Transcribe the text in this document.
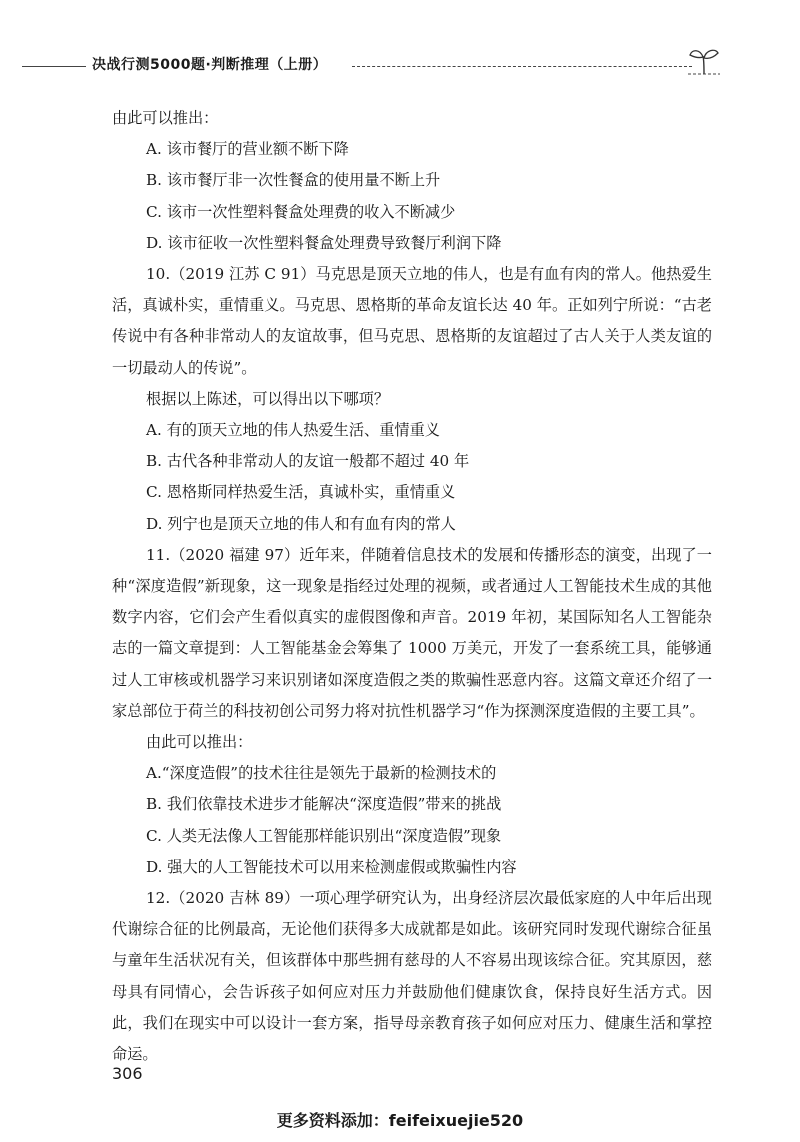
决战行测5000题·判断推理（上册）

由此可以推出：

A. 该市餐厅的营业额不断下降

B. 该市餐厅非一次性餐盒的使用量不断上升

C. 该市一次性塑料餐盒处理费的收入不断减少

D. 该市征收一次性塑料餐盒处理费导致餐厅利润下降

10.（2019 江苏 C 91）马克思是顶天立地的伟人，也是有血有肉的常人。他热爱生活，真诚朴实，重情重义。马克思、恩格斯的革命友谊长达 40 年。正如列宁所说：“古老传说中有各种非常动人的友谊故事，但马克思、恩格斯的友谊超过了古人关于人类友谊的一切最动人的传说”。

根据以上陈述，可以得出以下哪项？

A. 有的顶天立地的伟人热爱生活、重情重义

B. 古代各种非常动人的友谊一般都不超过 40 年

C. 恩格斯同样热爱生活，真诚朴实，重情重义

D. 列宁也是顶天立地的伟人和有血有肉的常人

11.（2020 福建 97）近年来，伴随着信息技术的发展和传播形态的演变，出现了一种“深度造假”新现象，这一现象是指经过处理的视频，或者通过人工智能技术生成的其他数字内容，它们会产生看似真实的虚假图像和声音。2019 年初，某国际知名人工智能杂志的一篇文章提到：人工智能基金会筹集了 1000 万美元，开发了一套系统工具，能够通过人工审核或机器学习来识别诸如深度造假之类的欺骗性恶意内容。这篇文章还介绍了一家总部位于荷兰的科技初创公司努力将对抗性机器学习“作为探测深度造假的主要工具”。

由此可以推出：

A.“深度造假”的技术往往是领先于最新的检测技术的

B. 我们依靠技术进步才能解决“深度造假”带来的挑战

C. 人类无法像人工智能那样能识别出“深度造假”现象

D. 强大的人工智能技术可以用来检测虚假或欺骗性内容

12.（2020 吉林 89）一项心理学研究认为，出身经济层次最低家庭的人中年后出现代谢综合征的比例最高，无论他们获得多大成就都是如此。该研究同时发现代谢综合征虽与童年生活状况有关，但该群体中那些拥有慈母的人不容易出现该综合征。究其原因，慈母具有同情心，会告诉孩子如何应对压力并鼓励他们健康饮食，保持良好生活方式。因此，我们在现实中可以设计一套方案，指导母亲教育孩子如何应对压力、健康生活和掌控命运。

306
更多资料添加：feifeixuejie520
